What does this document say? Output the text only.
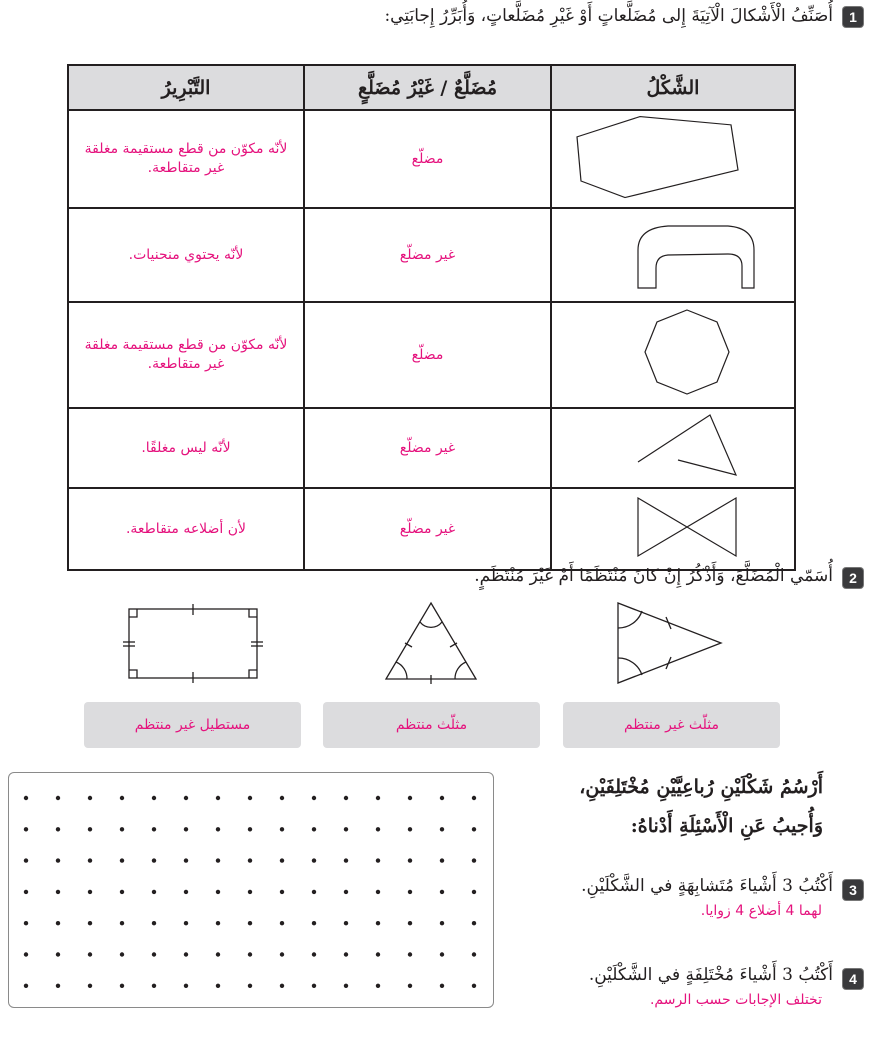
1
أُصَنِّفُ الْأَشْكالَ الْآتِيَةَ إِلى مُضَلَّعاتٍ أَوْ غَيْرِ مُضَلَّعاتٍ، وَأُبَرِّرُ إِجابَتِي:
الشَّكْلُ	مُضَلَّعٌ / غَيْرُ مُضَلَّعٍ	التَّبْرِيرُ
	مضلّع	لأنّه مكوّن من قطع مستقيمة مغلقة غير متقاطعة.
	غير مضلّع	لأنّه يحتوي منحنيات.
	مضلّع	لأنّه مكوّن من قطع مستقيمة مغلقة غير متقاطعة.
	غير مضلّع	لأنّه ليس مغلقًا.
	غير مضلّع	لأن أضلاعه متقاطعة.
2
أُسَمّي الْمُضَلَّعَ، وَأَذْكُرُ إِنْ كانَ مُنْتَظَمًا أَمْ غَيْرَ مُنْتَظَمٍ.
مثلّث غير منتظم
مثلّث منتظم
مستطيل غير منتظم
أَرْسُمُ شَكْلَيْنِ رُباعِيَّيْنِ مُخْتَلِفَيْنِ،
وَأُجيبُ عَنِ الْأَسْئِلَةِ أَدْناهُ:
3
أَكْتُبُ 3 أَشْياءَ مُتَشابِهَةٍ في الشَّكْلَيْنِ.
لهما 4 أضلاع 4 زوايا.
4
أَكْتُبُ 3 أَشْياءَ مُخْتَلِفَةٍ في الشَّكْلَيْنِ.
تختلف الإجابات حسب الرسم.
